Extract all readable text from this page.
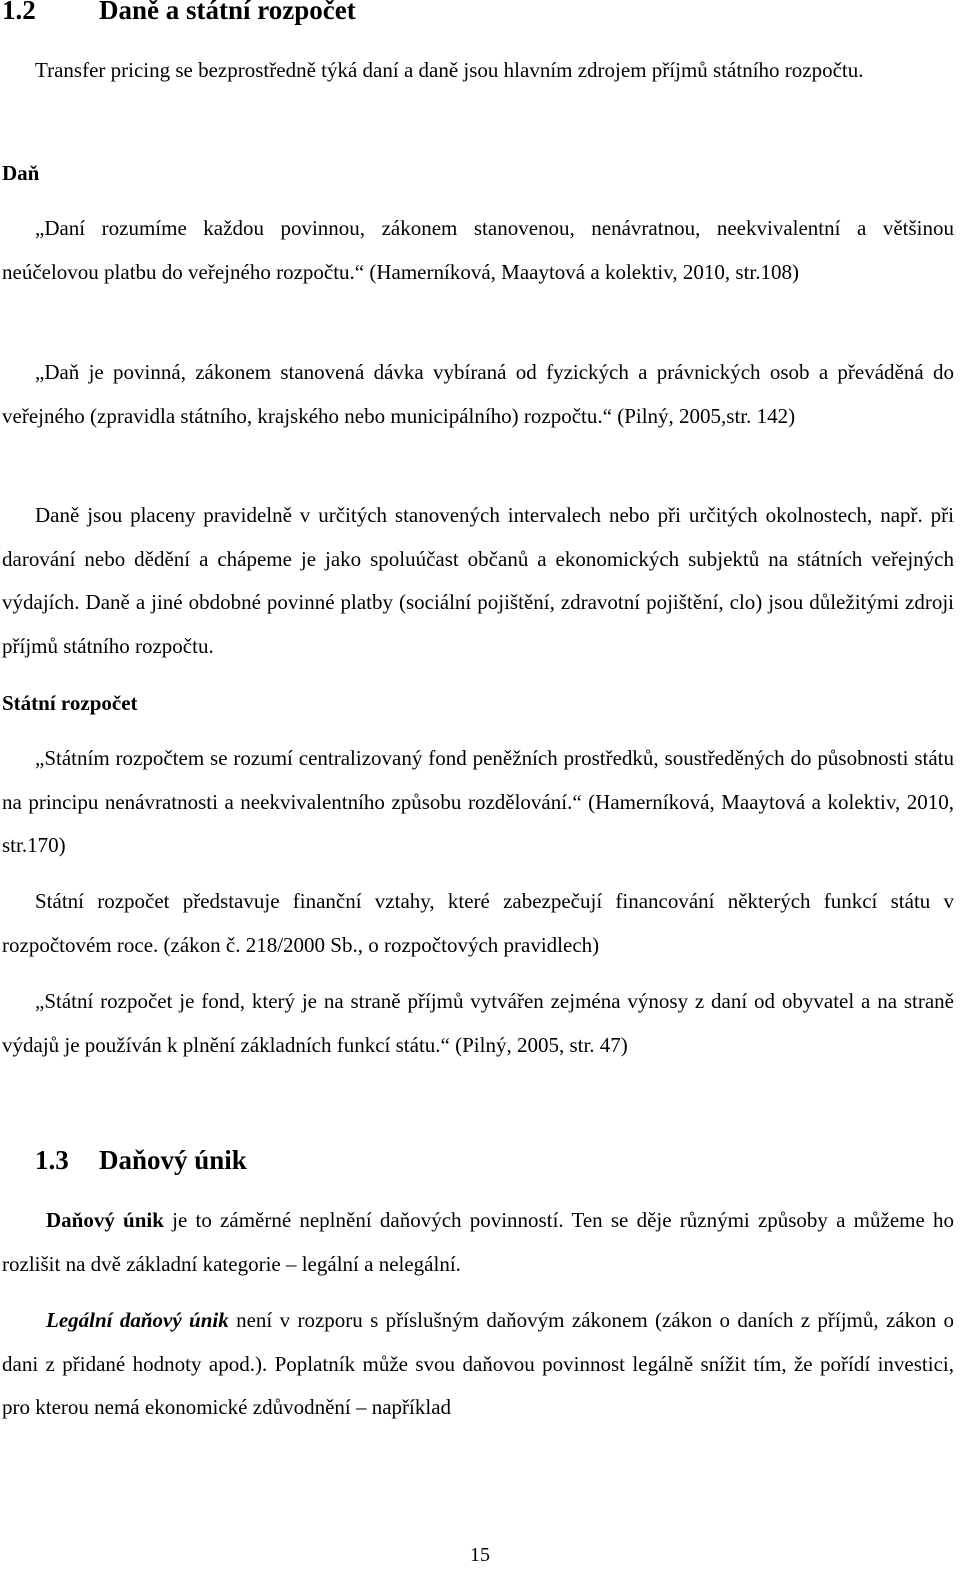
1.2 Daně a státní rozpočet

Transfer pricing se bezprostředně týká daní a daně jsou hlavním zdrojem příjmů státního rozpočtu.

Daň

„Daní rozumíme každou povinnou, zákonem stanovenou, nenávratnou, neekvivalentní a většinou neúčelovou platbu do veřejného rozpočtu.“ (Hamerníková, Maaytová a kolektiv, 2010, str.108)

„Daň je povinná, zákonem stanovená dávka vybíraná od fyzických a právnických osob a převáděná do veřejného (zpravidla státního, krajského nebo municipálního) rozpočtu.“ (Pilný, 2005,str. 142)

Daně jsou placeny pravidelně v určitých stanovených intervalech nebo při určitých okolnostech, např. při darování nebo dědění a chápeme je jako spoluúčast občanů a ekonomických subjektů na státních veřejných výdajích. Daně a jiné obdobné povinné platby (sociální pojištění, zdravotní pojištění, clo) jsou důležitými zdroji příjmů státního rozpočtu.

Státní rozpočet

„Státním rozpočtem se rozumí centralizovaný fond peněžních prostředků, soustředěných do působnosti státu na principu nenávratnosti a neekvivalentního způsobu rozdělování.“ (Hamerníková, Maaytová a kolektiv, 2010, str.170)

Státní rozpočet představuje finanční vztahy, které zabezpečují financování některých funkcí státu v rozpočtovém roce. (zákon č. 218/2000 Sb., o rozpočtových pravidlech)

„Státní rozpočet je fond, který je na straně příjmů vytvářen zejména výnosy z daní od obyvatel a na straně výdajů je používán k plnění základních funkcí státu.“ (Pilný, 2005, str. 47)

1.3 Daňový únik

Daňový únik je to záměrné neplnění daňových povinností. Ten se děje různými způsoby a můžeme ho rozlišit na dvě základní kategorie – legální a nelegální.

Legální daňový únik není v rozporu s příslušným daňovým zákonem (zákon o daních z příjmů, zákon o dani z přidané hodnoty apod.). Poplatník může svou daňovou povinnost legálně snížit tím, že pořídí investici, pro kterou nemá ekonomické zdůvodnění – například

15
